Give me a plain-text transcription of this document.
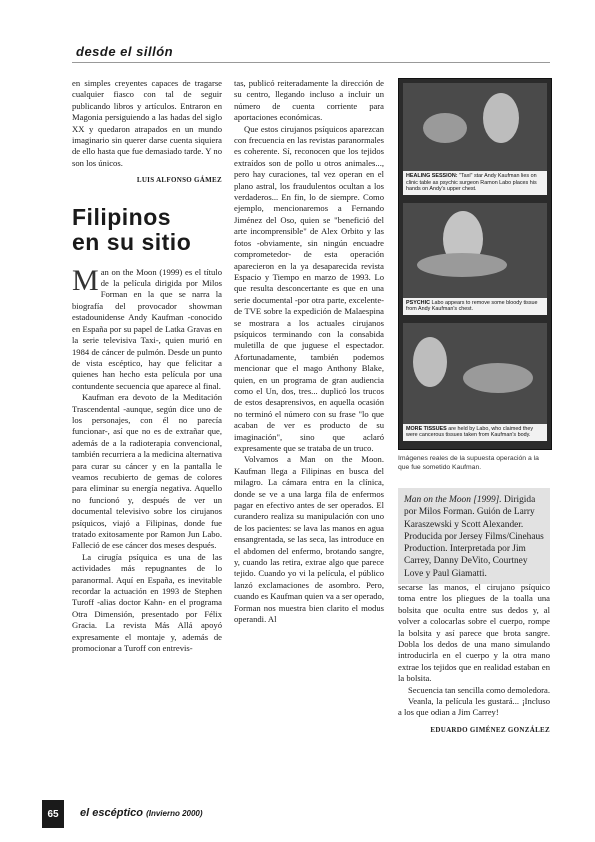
desde el sillón

en simples creyentes capaces de tragarse cualquier fiasco con tal de seguir publicando libros y artículos. Entraron en Magonia persiguiendo a las hadas del siglo XX y quedaron atrapados en un mundo imaginario sin querer darse cuenta siquiera de ello hasta que fue demasiado tarde. Y no son los únicos.

LUIS ALFONSO GÁMEZ

Filipinos
en su sitio

Man on the Moon (1999) es el título de la película dirigida por Milos Forman en la que se narra la biografía del provocador showman estadounidense Andy Kaufman -conocido en España por su papel de Latka Gravas en la serie televisiva Taxi-, quien murió en 1984 de cáncer de pulmón. Desde un punto de vista escéptico, hay que felicitar a quienes han hecho esta película por una contundente secuencia que aparece al final.

Kaufman era devoto de la Meditación Trascendental -aunque, según dice uno de los personajes, con él no parecía funcionar-, así que no es de extrañar que, además de a la radioterapia convencional, también recurriera a la medicina alternativa para curar su cáncer y en la pantalla le veamos recubierto de gemas de colores para eliminar su energía negativa. Aquello no funcionó y, después de ver un documental televisivo sobre los cirujanos psíquicos, viajó a Filipinas, donde fue tratado exitosamente por Ramon Jun Labo. Falleció de ese cáncer dos meses después.

La cirugía psíquica es una de las actividades más repugnantes de lo paranormal. Aquí en España, es inevitable recordar la actuación en 1993 de Stephen Turoff -alias doctor Kahn- en el programa Otra Dimensión, presentado por Félix Gracia. La revista Más Allá apoyó expresamente el montaje y, además de promocionar a Turoff con entrevis-

tas, publicó reiteradamente la dirección de su centro, llegando incluso a incluir un número de cuenta corriente para aportaciones económicas.

Que estos cirujanos psíquicos aparezcan con frecuencia en las revistas paranormales es coherente. Sí, reconocen que los tejidos extraídos son de pollo u otros animales..., pero hay curaciones, tal vez operan en el plano astral, los fraudulentos ocultan a los verdaderos... En fin, lo de siempre. Como ejemplo, mencionaremos a Fernando Jiménez del Oso, quien se "benefició del arte incomprensible" de Alex Orbito y las fotos -obviamente, sin ningún encuadre comprometedor- de esta operación aparecieron en la ya desaparecida revista Espacio y Tiempo en marzo de 1993. Lo que resulta desconcertante es que en una serie documental -por otra parte, excelente- de TVE sobre la expedición de Malaespina se mostrara a los actuales cirujanos psíquicos terminando con la consabida muletilla de que juguese el espectador. Afortunadamente, también podemos mencionar que el mago Anthony Blake, quien, en un programa de gran audiencia como el Un, dos, tres... duplicó los trucos de estos desaprensivos, en aquella ocasión no terminó el número con su frase "lo que acaban de ver es producto de su imaginación", sino que aclaró expresamente que se trataba de un truco.

Volvamos a Man on the Moon. Kaufman llega a Filipinas en busca del milagro. La cámara entra en la clínica, donde se ve a una larga fila de enfermos pagar en efectivo antes de ser operados. El curandero realiza su manipulación con uno de los pacientes: se lava las manos en agua ensangrentada, se las seca, las introduce en el abdomen del enfermo, brotando sangre, y, cuando las retira, extrae algo que parece tejido. Cuando yo vi la película, el público lanzó exclamaciones de asombro. Pero, cuando es Kaufman quien va a ser operado, Forman nos muestra bien clarito el modus operandi. Al

HEALING SESSION: "Taxi" star Andy Kaufman lies on clinic table as psychic surgeon Ramon Labo places his hands on Andy's upper chest.
PSYCHIC Labo appears to remove some bloody tissue from Andy Kaufman's chest.
MORE TISSUES are held by Labo, who claimed they were cancerous tissues taken from Kaufman's body.
Imágenes reales de la supuesta operación a la que fue sometido Kaufman.
Man on the Moon [1999]. Dirigida por Milos Forman. Guión de Larry Karaszewski y Scott Alexander. Producida por Jersey Films/Cinehaus Production. Interpretada por Jim Carrey, Danny DeVito, Courtney Love y Paul Giamatti.

secarse las manos, el cirujano psíquico toma entre los pliegues de la toalla una bolsita que oculta entre sus dedos y, al volver a colocarlas sobre el cuerpo, rompe la bolsita y así parece que brota sangre. Dobla los dedos de una mano simulando introducirla en el cuerpo y la otra mano extrae los tejidos que en realidad estaban en la bolsita.

Secuencia tan sencilla como demoledora.

Veanla, la película les gustará... ¡Incluso a los que odian a Jim Carrey!

EDUARDO GIMÉNEZ GONZÁLEZ

65	el escéptico (Invierno 2000)
